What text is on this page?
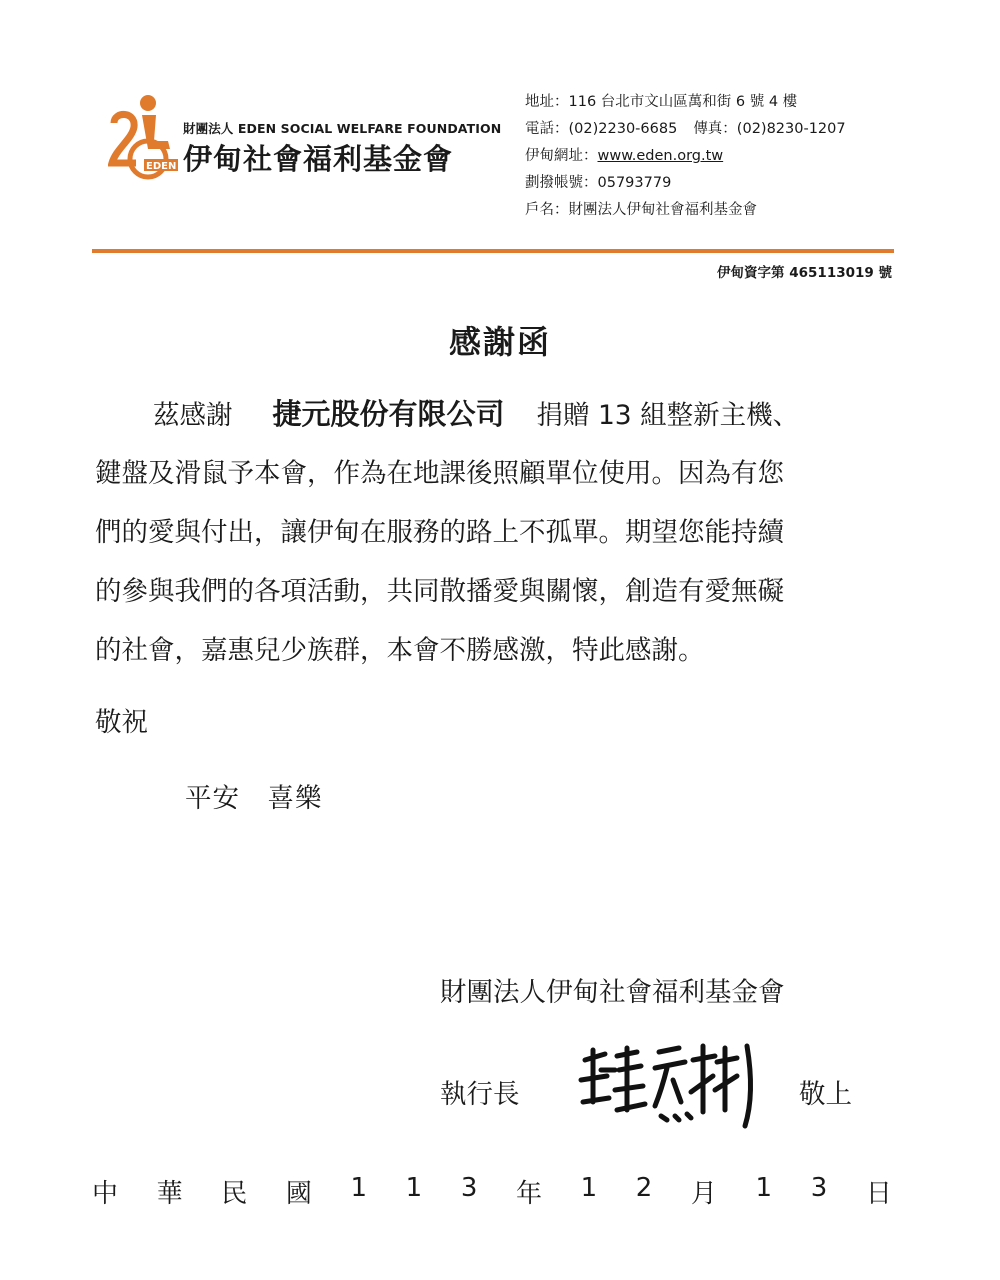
EDEN
財團法人 EDEN SOCIAL WELFARE FOUNDATION
伊甸社會福利基金會
地址：116 台北市文山區萬和街 6 號 4 樓
電話：(02)2230-6685 傳真：(02)8230-1207
伊甸網址：www.eden.org.tw
劃撥帳號：05793779
戶名：財團法人伊甸社會福利基金會
伊甸資字第 465113019 號
感謝函
茲感謝 捷元股份有限公司 捐贈 13 組整新主機、
鍵盤及滑鼠予本會，作為在地課後照顧單位使用。因為有您
們的愛與付出，讓伊甸在服務的路上不孤單。期望您能持續
的參與我們的各項活動，共同散播愛與關懷，創造有愛無礙
的社會，嘉惠兒少族群，本會不勝感激，特此感謝。
敬祝
平安　喜樂
財團法人伊甸社會福利基金會
執行長	敬上
中 華 民 國 1 1 3 年 1 2 月 1 3 日
